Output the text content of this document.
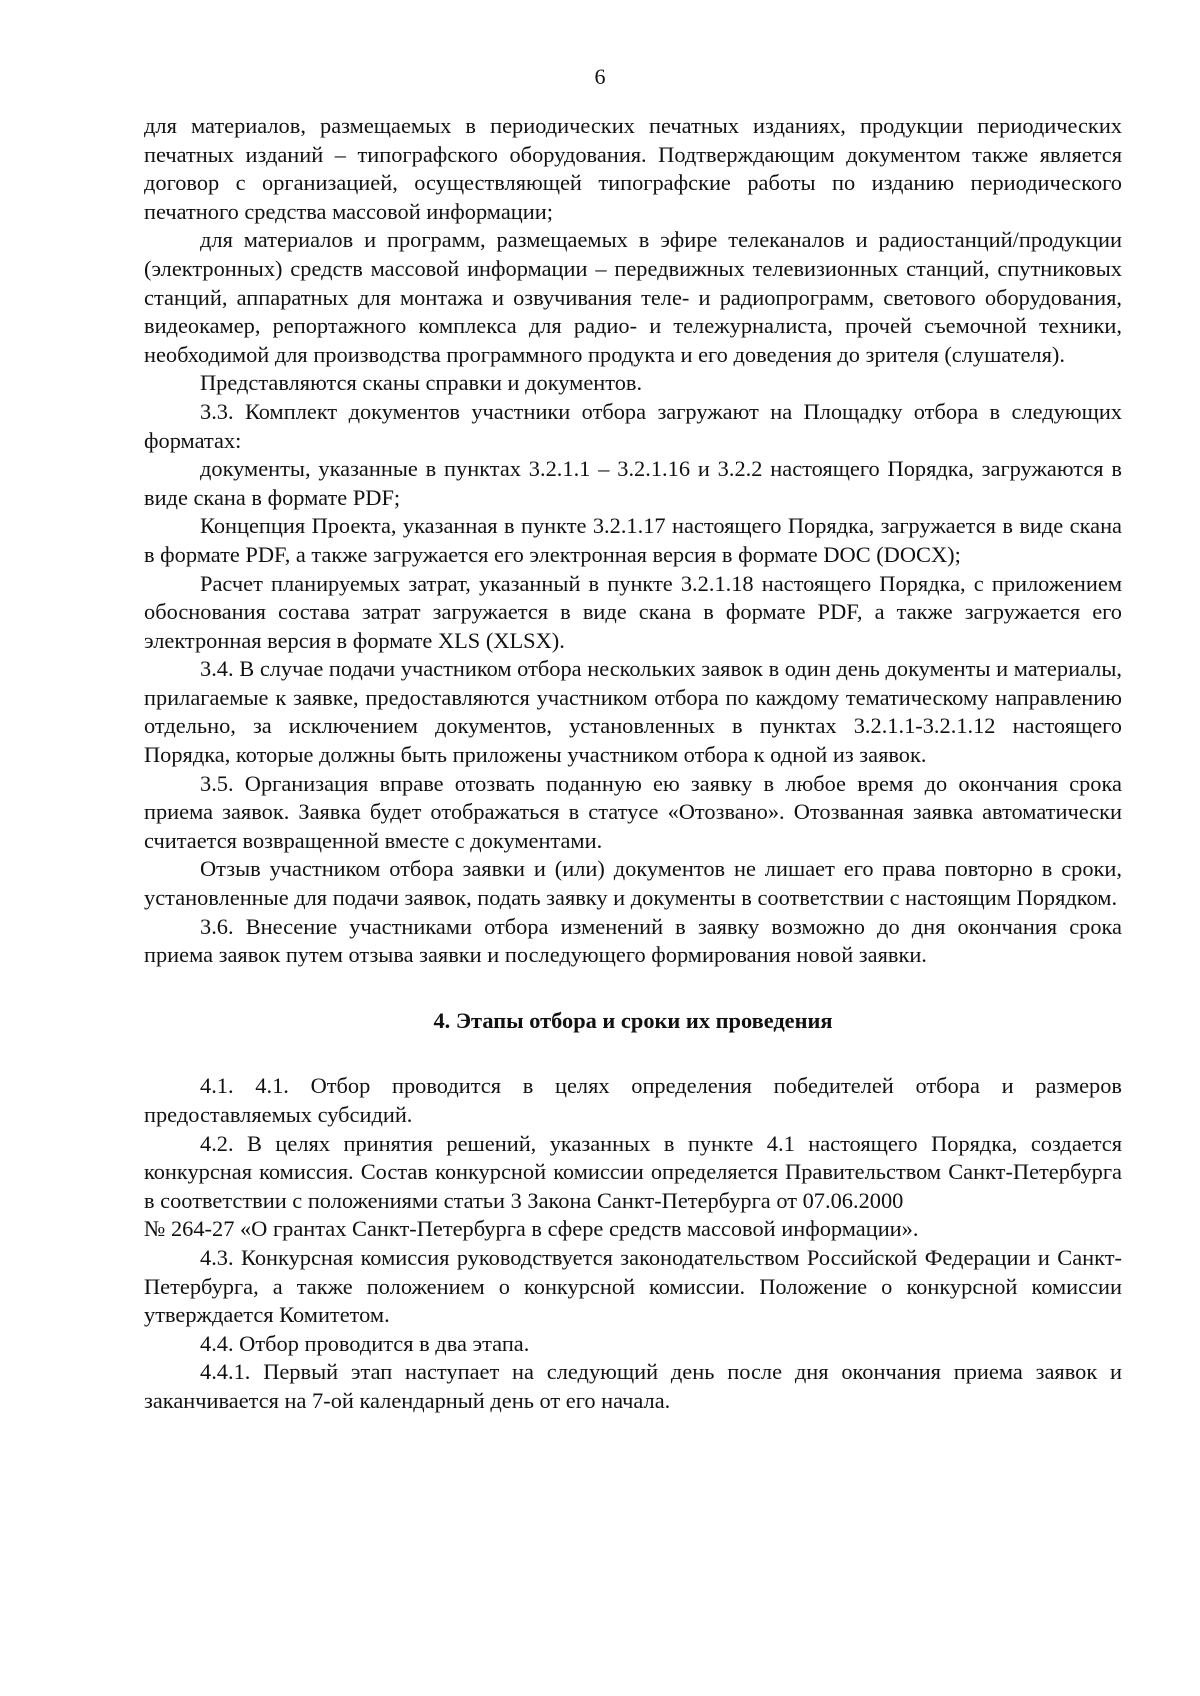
6

для материалов, размещаемых в периодических печатных изданиях, продукции периодических печатных изданий – типографского оборудования. Подтверждающим документом также является договор с организацией, осуществляющей типографские работы по изданию периодического печатного средства массовой информации;

для материалов и программ, размещаемых в эфире телеканалов и радиостанций/продукции (электронных) средств массовой информации – передвижных телевизионных станций, спутниковых станций, аппаратных для монтажа и озвучивания теле- и радиопрограмм, светового оборудования, видеокамер, репортажного комплекса для радио- и тележурналиста, прочей съемочной техники, необходимой для производства программного продукта и его доведения до зрителя (слушателя).

Представляются сканы справки и документов.

3.3. Комплект документов участники отбора загружают на Площадку отбора в следующих форматах:

документы, указанные в пунктах 3.2.1.1 – 3.2.1.16 и 3.2.2 настоящего Порядка, загружаются в виде скана в формате PDF;

Концепция Проекта, указанная в пункте 3.2.1.17 настоящего Порядка, загружается в виде скана в формате PDF, а также загружается его электронная версия в формате DOC (DOCX);

Расчет планируемых затрат, указанный в пункте 3.2.1.18 настоящего Порядка, с приложением обоснования состава затрат загружается в виде скана в формате PDF, а также загружается его электронная версия в формате XLS (XLSX).

3.4. В случае подачи участником отбора нескольких заявок в один день документы и материалы, прилагаемые к заявке, предоставляются участником отбора по каждому тематическому направлению отдельно, за исключением документов, установленных в пунктах 3.2.1.1-3.2.1.12 настоящего Порядка, которые должны быть приложены участником отбора к одной из заявок.

3.5. Организация вправе отозвать поданную ею заявку в любое время до окончания срока приема заявок. Заявка будет отображаться в статусе «Отозвано». Отозванная заявка автоматически считается возвращенной вместе с документами.

Отзыв участником отбора заявки и (или) документов не лишает его права повторно в сроки, установленные для подачи заявок, подать заявку и документы в соответствии с настоящим Порядком.

3.6. Внесение участниками отбора изменений в заявку возможно до дня окончания срока приема заявок путем отзыва заявки и последующего формирования новой заявки.

4. Этапы отбора и сроки их проведения

4.1. 4.1. Отбор проводится в целях определения победителей отбора и размеров предоставляемых субсидий.

4.2. В целях принятия решений, указанных в пункте 4.1 настоящего Порядка, создается конкурсная комиссия. Состав конкурсной комиссии определяется Правительством Санкт-Петербурга в соответствии с положениями статьи 3 Закона Санкт-Петербурга от 07.06.2000

№ 264-27 «О грантах Санкт-Петербурга в сфере средств массовой информации».

4.3. Конкурсная комиссия руководствуется законодательством Российской Федерации и Санкт-Петербурга, а также положением о конкурсной комиссии. Положение о конкурсной комиссии утверждается Комитетом.

4.4. Отбор проводится в два этапа.

4.4.1. Первый этап наступает на следующий день после дня окончания приема заявок и заканчивается на 7-ой календарный день от его начала.
